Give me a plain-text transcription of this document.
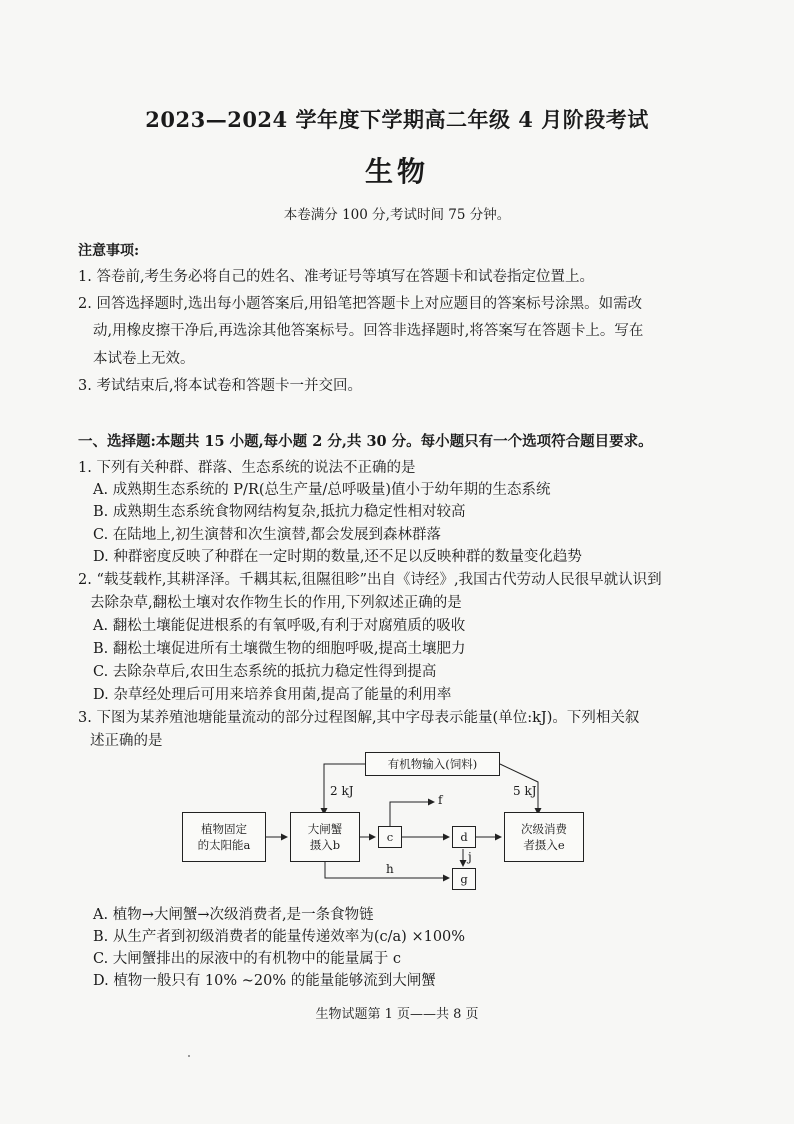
2023—2024 学年度下学期高二年级 4 月阶段考试
生物
本卷满分 100 分,考试时间 75 分钟。
注意事项:
1. 答卷前,考生务必将自己的姓名、准考证号等填写在答题卡和试卷指定位置上。
2. 回答选择题时,选出每小题答案后,用铅笔把答题卡上对应题目的答案标号涂黑。如需改
动,用橡皮擦干净后,再选涂其他答案标号。回答非选择题时,将答案写在答题卡上。写在
本试卷上无效。
3. 考试结束后,将本试卷和答题卡一并交回。
一、选择题:本题共 15 小题,每小题 2 分,共 30 分。每小题只有一个选项符合题目要求。
1. 下列有关种群、群落、生态系统的说法不正确的是
A. 成熟期生态系统的 P/R(总生产量/总呼吸量)值小于幼年期的生态系统
B. 成熟期生态系统食物网结构复杂,抵抗力稳定性相对较高
C. 在陆地上,初生演替和次生演替,都会发展到森林群落
D. 种群密度反映了种群在一定时期的数量,还不足以反映种群的数量变化趋势
2. “载芟载柞,其耕泽泽。千耦其耘,徂隰徂畛”出自《诗经》,我国古代劳动人民很早就认识到
去除杂草,翻松土壤对农作物生长的作用,下列叙述正确的是
A. 翻松土壤能促进根系的有氧呼吸,有利于对腐殖质的吸收
B. 翻松土壤促进所有土壤微生物的细胞呼吸,提高土壤肥力
C. 去除杂草后,农田生态系统的抵抗力稳定性得到提高
D. 杂草经处理后可用来培养食用菌,提高了能量的利用率
3. 下图为某养殖池塘能量流动的部分过程图解,其中字母表示能量(单位:kJ)。下列相关叙
述正确的是
有机物输入(饲料)
植物固定
的太阳能a
大闸蟹
摄入b
c	d
g
次级消费
者摄入e
2 kJ	5 kJ
f
j
h
A. 植物→大闸蟹→次级消费者,是一条食物链
B. 从生产者到初级消费者的能量传递效率为(c/a) ×100%
C. 大闸蟹排出的尿液中的有机物中的能量属于 c
D. 植物一般只有 10% ~20% 的能量能够流到大闸蟹
生物试题第 1 页——共 8 页
